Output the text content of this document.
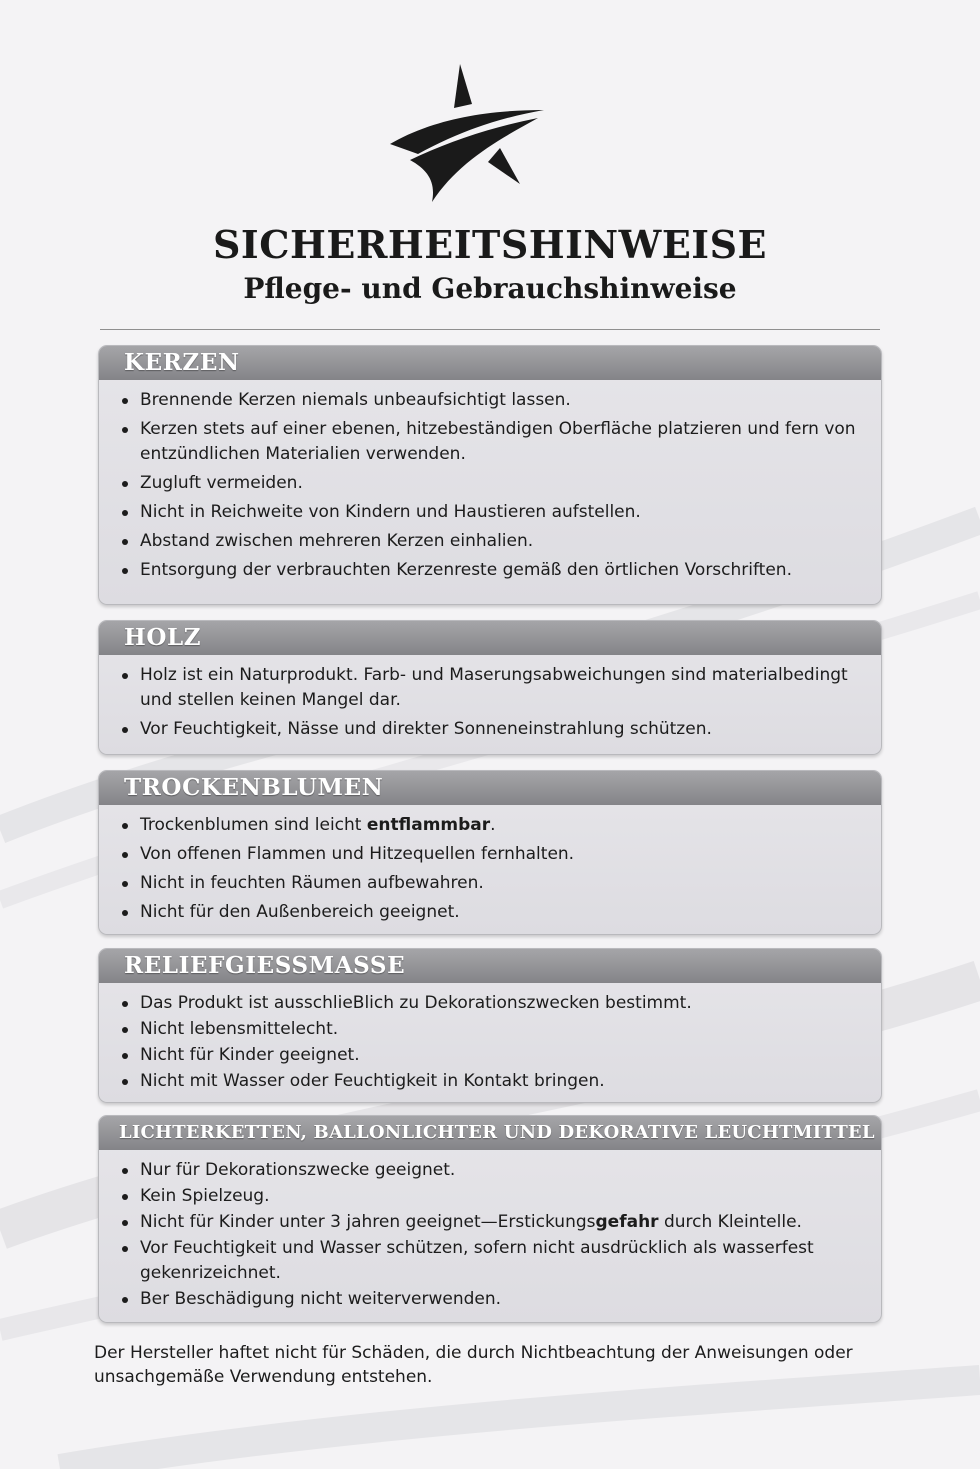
SICHERHEITSHINWEISE
Pflege- und Gebrauchshinweise
KERZEN
Brennende Kerzen niemals unbeaufsichtigt lassen.
Kerzen stets auf einer ebenen, hitzebeständigen Oberfläche platzieren und fern von entzündlichen Materialien verwenden.
Zugluft vermeiden.
Nicht in Reichweite von Kindern und Haustieren aufstellen.
Abstand zwischen mehreren Kerzen einhalien.
Entsorgung der verbrauchten Kerzenreste gemäß den örtlichen Vorschriften.
HOLZ
Holz ist ein Naturprodukt. Farb- und Maserungsabweichungen sind materialbedingt und stellen keinen Mangel dar.
Vor Feuchtigkeit, Nässe und direkter Sonneneinstrahlung schützen.
TROCKENBLUMEN
Trockenblumen sind leicht entflammbar.
Von offenen Flammen und Hitzequellen fernhalten.
Nicht in feuchten Räumen aufbewahren.
Nicht für den Außenbereich geeignet.
RELIEFGIESSMASSE
Das Produkt ist ausschlieBlich zu Dekorationszwecken bestimmt.
Nicht lebensmittelecht.
Nicht für Kinder geeignet.
Nicht mit Wasser oder Feuchtigkeit in Kontakt bringen.
LICHTERKETTEN, BALLONLICHTER UND DEKORATIVE LEUCHTMITTEL
Nur für Dekorationszwecke geeignet.
Kein Spielzeug.
Nicht für Kinder unter 3 jahren geeignet—Erstickungsgefahr durch Kleintelle.
Vor Feuchtigkeit und Wasser schützen, sofern nicht ausdrücklich als wasserfest gekenrizeichnet.
Ber Beschädigung nicht weiterverwenden.
Der Hersteller haftet nicht für Schäden, die durch Nichtbeachtung der Anweisungen oder unsachgemäße Verwendung entstehen.
